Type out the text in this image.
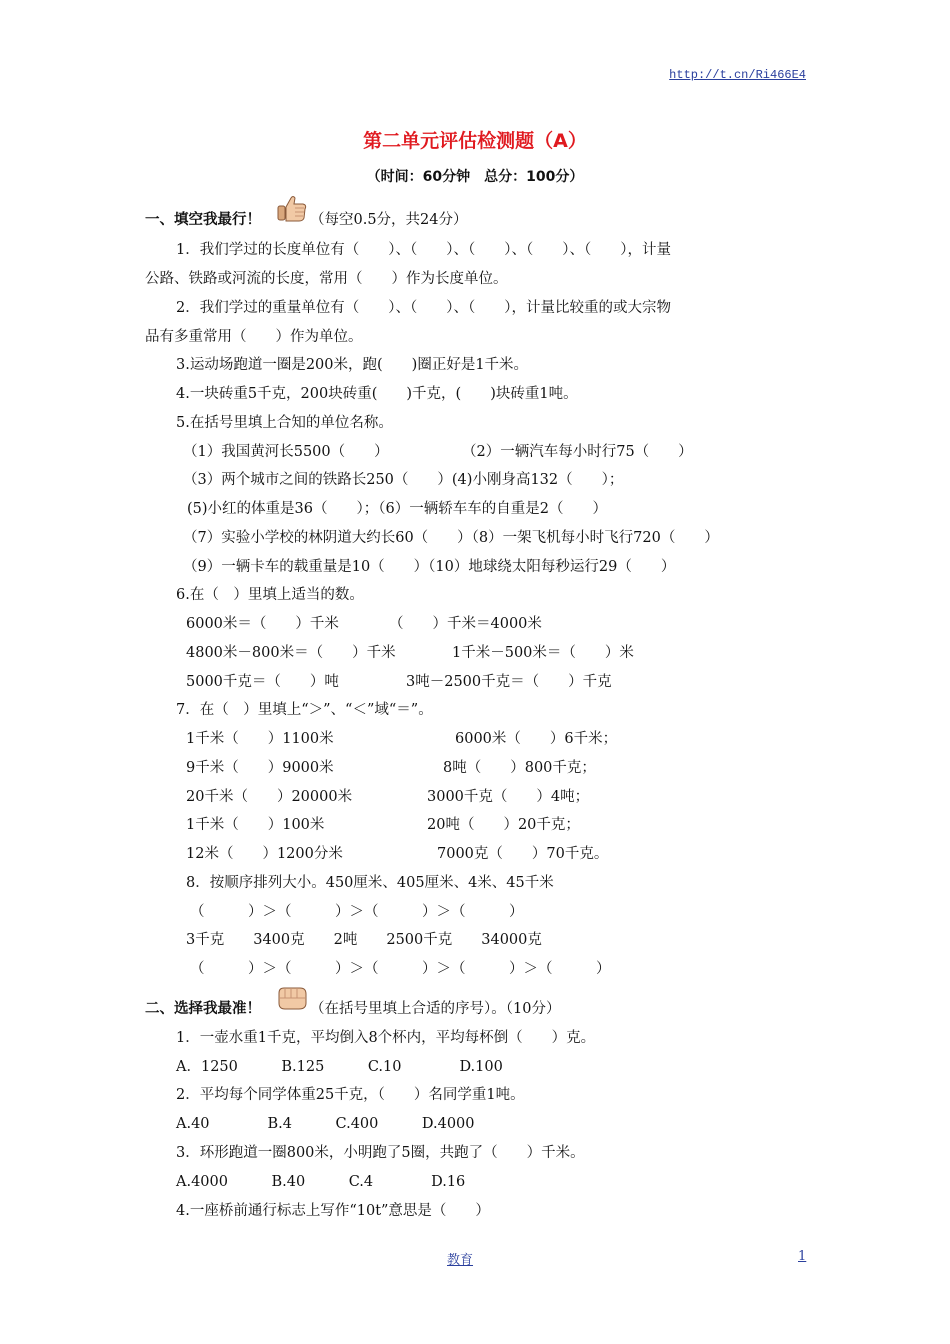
http://t.cn/Ri466E4
第二单元评估检测题（A）
（时间：60分钟　总分：100分）
一、填空我最行！	（每空0.5分，共24分）
1．我们学过的长度单位有（　　）、（　　）、（　　）、（　　）、（　　），计量
公路、铁路或河流的长度，常用（　　）作为长度单位。
2．我们学过的重量单位有（　　）、（　　）、（　　），计量比较重的或大宗物
品有多重常用（　　）作为单位。
3.运动场跑道一圈是200米，跑(　　)圈正好是1千米。
4.一块砖重5千克，200块砖重(　　)千克，(　　)块砖重1吨。
5.在括号里填上合知的单位名称。
（1）我国黄河长5500（　　）	（2）一辆汽车每小时行75（　　）
（3）两个城市之间的铁路长250（　　）(4)小刚身高132（　　）；
(5)小红的体重是36（　　）；（6）一辆轿车车的自重是2（　　）
（7）实验小学校的林阴道大约长60（　　）（8）一架飞机每小时飞行720（　　）
（9）一辆卡车的载重量是10（　　）（10）地球绕太阳每秒运行29（　　）
6.在（　）里填上适当的数。
6000米＝（　　）千米	（　　）千米＝4000米
4800米－800米＝（　　）千米	1千米－500米＝（　　）米
5000千克＝（　　）吨	3吨－2500千克＝（　　）千克
7．在（　）里填上“＞”、“＜”域“＝”。
1千米（　　）1100米	6000米（　　）6千米；
9千米（　　）9000米	8吨（　　）800千克；
20千米（　　）20000米	3000千克（　　）4吨；
1千米（　　）100米	20吨（　　）20千克；
12米（　　）1200分米	7000克（　　）70千克。
8．按顺序排列大小。450厘米、405厘米、4米、45千米
（　　　）＞（　　　）＞（　　　）＞（　　　）
3千克　　3400克　　2吨　　2500千克　　34000克
（　　　）＞（　　　）＞（　　　）＞（　　　）＞（　　　）
二、选择我最准！	（在括号里填上合适的序号）。（10分）
1．一壶水重1千克，平均倒入8个杯内，平均每杯倒（　　）克。
A．1250　　　B.125　　　C.10　　　　D.100
2．平均每个同学体重25千克，（　　）名同学重1吨。
A.40　　　　B.4　　　C.400　　　D.4000
3．环形跑道一圈800米，小明跑了5圈，共跑了（　　）千米。
A.4000　　　B.40　　　C.4　　　　D.16
4.一座桥前通行标志上写作“10t”意思是（　　）
教育	1
